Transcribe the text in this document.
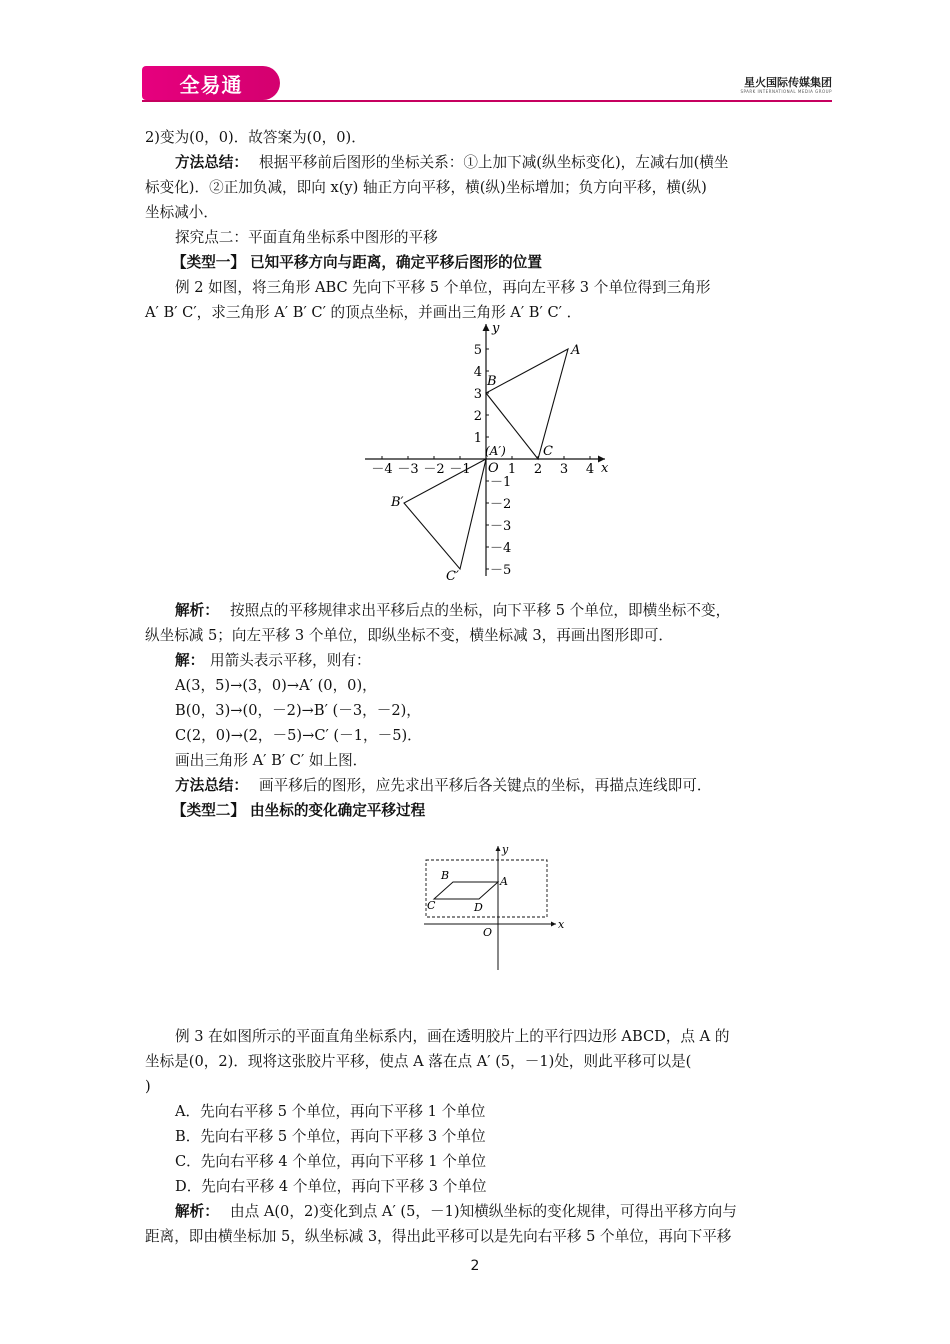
全易通	星火国际传媒集团
SPARK INTERNATIONAL MEDIA GROUP
2)变为(0，0)．故答案为(0，0)．
方法总结： 根据平移前后图形的坐标关系：①上加下减(纵坐标变化)，左减右加(横坐
标变化)．②正加负减，即向 x(y) 轴正方向平移，横(纵)坐标增加；负方向平移，横(纵)
坐标减小．
探究点二：平面直角坐标系中图形的平移
【类型一】 已知平移方向与距离，确定平移后图形的位置
例 2 如图，将三角形 ABC 先向下平移 5 个单位，再向左平移 3 个单位得到三角形
A′ B′ C′，求三角形 A′ B′ C′ 的顶点坐标，并画出三角形 A′ B′ C′ ．
－4 －3 －2 －1	1 2 3 4
1
2
3
4
5
－1
－2
－3
－4
－5
x
y
O
A
B
C
(A′)
B′
C′
解析： 按照点的平移规律求出平移后点的坐标，向下平移 5 个单位，即横坐标不变，
纵坐标减 5；向左平移 3 个单位，即纵坐标不变，横坐标减 3，再画出图形即可．
解： 用箭头表示平移，则有：
A(3，5)→(3，0)→A′ (0，0)，
B(0，3)→(0，－2)→B′ (－3，－2)，
C(2，0)→(2，－5)→C′ (－1，－5)．
画出三角形 A′ B′ C′ 如上图．
方法总结： 画平移后的图形，应先求出平移后各关键点的坐标，再描点连线即可．
【类型二】 由坐标的变化确定平移过程
x
y
O
A
B
C	D
例 3 在如图所示的平面直角坐标系内，画在透明胶片上的平行四边形 ABCD，点 A 的
坐标是(0，2)．现将这张胶片平移，使点 A 落在点 A′ (5，－1)处，则此平移可以是(
)
A．先向右平移 5 个单位，再向下平移 1 个单位
B．先向右平移 5 个单位，再向下平移 3 个单位
C．先向右平移 4 个单位，再向下平移 1 个单位
D．先向右平移 4 个单位，再向下平移 3 个单位
解析： 由点 A(0，2)变化到点 A′ (5，－1)知横纵坐标的变化规律，可得出平移方向与
距离，即由横坐标加 5，纵坐标减 3，得出此平移可以是先向右平移 5 个单位，再向下平移
2
